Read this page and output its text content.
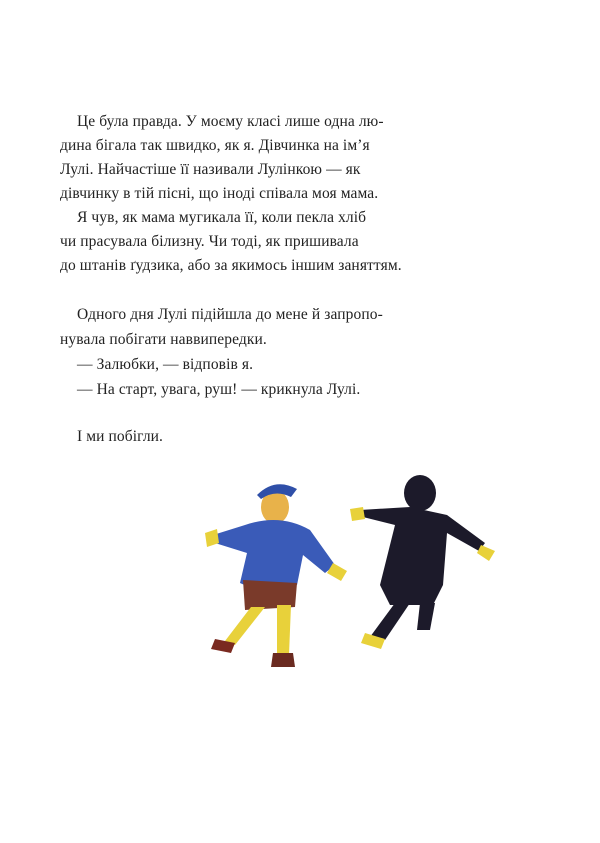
Це була правда. У моєму класі лише одна лю-
дина бігала так швидко, як я. Дівчинка на ім’я
Лулі. Найчастіше її називали Лулінкою — як
дівчинку в тій пісні, що іноді співала моя мама.
Я чув, як мама мугикала її, коли пекла хліб
чи прасувала білизну. Чи тоді, як пришивала
до штанів ґудзика, або за якимось іншим заняттям.
Одного дня Лулі підійшла до мене й запропо-
нувала побігати наввипередки.
— Залюбки, — відповів я.
— На старт, увага, руш! — крикнула Лулі.
І ми побігли.
